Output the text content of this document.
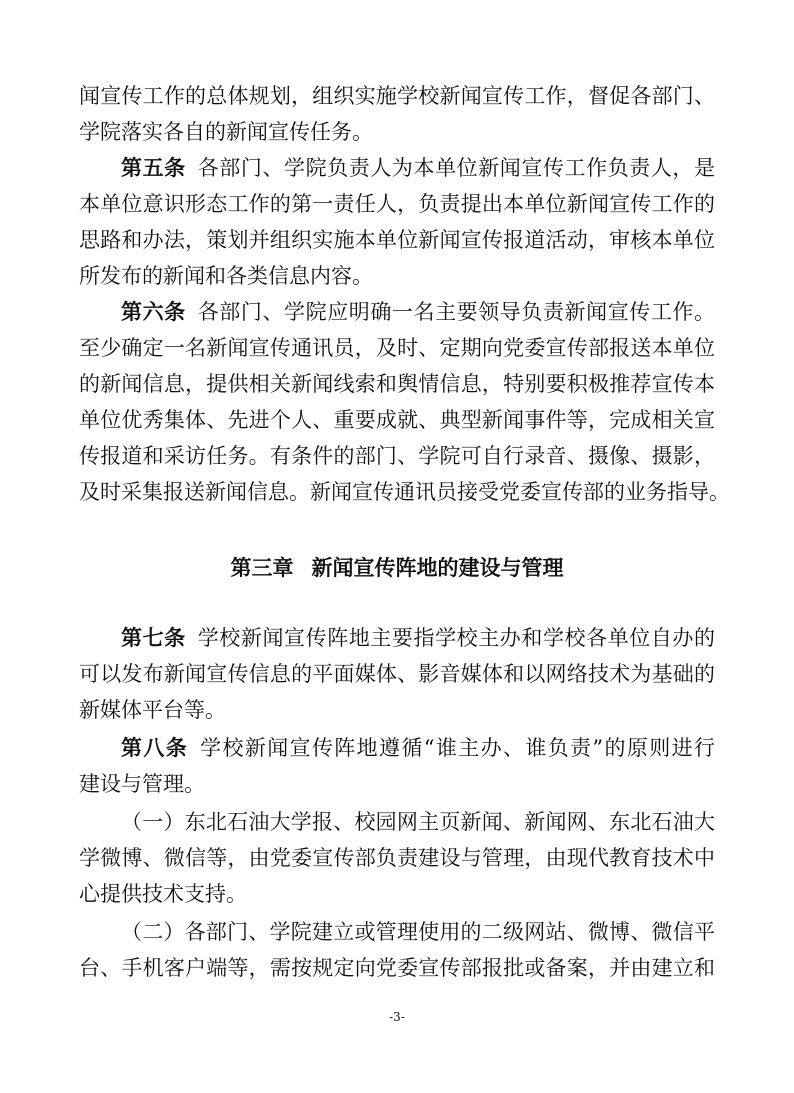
闻宣传工作的总体规划，组织实施学校新闻宣传工作，督促各部门、
学院落实各自的新闻宣传任务。
第五条 各部门、学院负责人为本单位新闻宣传工作负责人，是
本单位意识形态工作的第一责任人，负责提出本单位新闻宣传工作的
思路和办法，策划并组织实施本单位新闻宣传报道活动，审核本单位
所发布的新闻和各类信息内容。
第六条 各部门、学院应明确一名主要领导负责新闻宣传工作。
至少确定一名新闻宣传通讯员，及时、定期向党委宣传部报送本单位
的新闻信息，提供相关新闻线索和舆情信息，特别要积极推荐宣传本
单位优秀集体、先进个人、重要成就、典型新闻事件等，完成相关宣
传报道和采访任务。有条件的部门、学院可自行录音、摄像、摄影，
及时采集报送新闻信息。新闻宣传通讯员接受党委宣传部的业务指导。
第三章 新闻宣传阵地的建设与管理
第七条 学校新闻宣传阵地主要指学校主办和学校各单位自办的
可以发布新闻宣传信息的平面媒体、影音媒体和以网络技术为基础的
新媒体平台等。
第八条 学校新闻宣传阵地遵循“谁主办、谁负责”的原则进行
建设与管理。
（一）东北石油大学报、校园网主页新闻、新闻网、东北石油大
学微博、微信等，由党委宣传部负责建设与管理，由现代教育技术中
心提供技术支持。
（二）各部门、学院建立或管理使用的二级网站、微博、微信平
台、手机客户端等，需按规定向党委宣传部报批或备案，并由建立和
-3-
